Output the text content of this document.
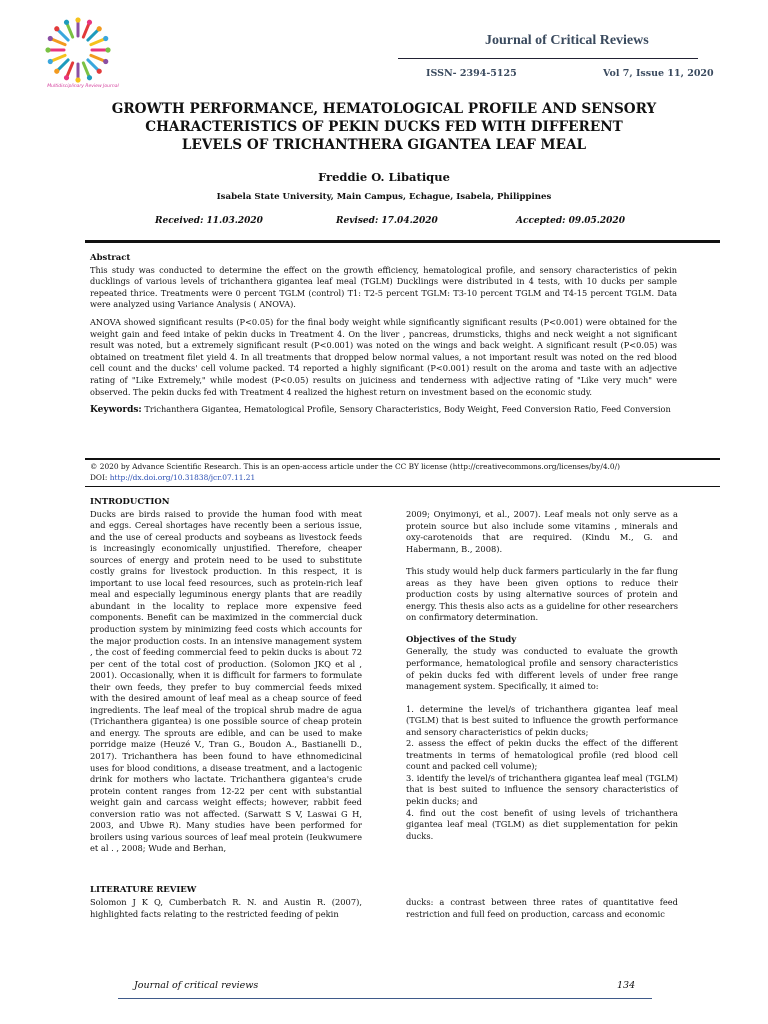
Multidisciplinary Review Journal
Journal of Critical Reviews
ISSN- 2394-5125	Vol 7, Issue 11, 2020
GROWTH PERFORMANCE, HEMATOLOGICAL PROFILE AND SENSORY
CHARACTERISTICS OF PEKIN DUCKS FED WITH DIFFERENT
LEVELS OF TRICHANTHERA GIGANTEA LEAF MEAL
Freddie O. Libatique
Isabela State University, Main Campus, Echague, Isabela, Philippines
Received: 11.03.2020	Revised: 17.04.2020	Accepted: 09.05.2020
Abstract

This study was conducted to determine the effect on the growth efficiency, hematological profile, and sensory characteristics of pekin ducklings of various levels of trichanthera gigantea leaf meal (TGLM) Ducklings were distributed in 4 tests, with 10 ducks per sample repeated thrice. Treatments were 0 percent TGLM (control) T1: T2-5 percent TGLM: T3-10 percent TGLM and T4-15 percent TGLM. Data were analyzed using Variance Analysis ( ANOVA).

ANOVA showed significant results (P<0.05) for the final body weight while significantly significant results (P<0.001) were obtained for the weight gain and feed intake of pekin ducks in Treatment 4. On the liver , pancreas, drumsticks, thighs and neck weight a not significant result was noted, but a extremely significant result (P<0.001) was noted on the wings and back weight. A significant result (P<0.05) was obtained on treatment filet yield 4. In all treatments that dropped below normal values, a not important result was noted on the red blood cell count and the ducks' cell volume packed. T4 reported a highly significant (P<0.001) result on the aroma and taste with an adjective rating of "Like Extremely," while modest (P<0.05) results on juiciness and tenderness with adjective rating of "Like very much" were observed. The pekin ducks fed with Treatment 4 realized the highest return on investment based on the economic study.

Keywords: Trichanthera Gigantea, Hematological Profile, Sensory Characteristics, Body Weight, Feed Conversion Ratio, Feed Conversion
© 2020 by Advance Scientific Research. This is an open-access article under the CC BY license (http://creativecommons.org/licenses/by/4.0/)
DOI: http://dx.doi.org/10.31838/jcr.07.11.21
INTRODUCTION

Ducks are birds raised to provide the human food with meat and eggs. Cereal shortages have recently been a serious issue, and the use of cereal products and soybeans as livestock feeds is increasingly economically unjustified. Therefore, cheaper sources of energy and protein need to be used to substitute costly grains for livestock production. In this respect, it is important to use local feed resources, such as protein-rich leaf meal and especially leguminous energy plants that are readily abundant in the locality to replace more expensive feed components. Benefit can be maximized in the commercial duck production system by minimizing feed costs which accounts for the major production costs. In an intensive management system , the cost of feeding commercial feed to pekin ducks is about 72 per cent of the total cost of production. (Solomon JKQ et al , 2001). Occasionally, when it is difficult for farmers to formulate their own feeds, they prefer to buy commercial feeds mixed with the desired amount of leaf meal as a cheap source of feed ingredients. The leaf meal of the tropical shrub madre de agua (Trichanthera gigantea) is one possible source of cheap protein and energy. The sprouts are edible, and can be used to make porridge maize (Heuzé V., Tran G., Boudon A., Bastianelli D., 2017). Trichanthera has been found to have ethnomedicinal uses for blood conditions, a disease treatment, and a lactogenic drink for mothers who lactate. Trichanthera gigantea's crude protein content ranges from 12-22 per cent with substantial weight gain and carcass weight effects; however, rabbit feed conversion ratio was not affected. (Sarwatt S V, Laswai G H, 2003, and Ubwe R). Many studies have been performed for broilers using various sources of leaf meal protein (Ieukwumere et al . , 2008; Wude and Berhan,

2009; Onyimonyi, et al., 2007). Leaf meals not only serve as a protein source but also include some vitamins , minerals and oxy-carotenoids that are required. (Kindu M., G. and Habermann, B., 2008).

This study would help duck farmers particularly in the far flung areas as they have been given options to reduce their production costs by using alternative sources of protein and energy. This thesis also acts as a guideline for other researchers on confirmatory determination.

Objectives of the Study

Generally, the study was conducted to evaluate the growth performance, hematological profile and sensory characteristics of pekin ducks fed with different levels of under free range management system. Specifically, it aimed to:

1. determine the level/s of trichanthera gigantea leaf meal (TGLM) that is best suited to influence the growth performance and sensory characteristics of pekin ducks;
2. assess the effect of pekin ducks the effect of the different treatments in terms of hematological profile (red blood cell count and packed cell volume);
3. identify the level/s of trichanthera gigantea leaf meal (TGLM) that is best suited to influence the sensory characteristics of pekin ducks; and
4. find out the cost benefit of using levels of trichanthera gigantea leaf meal (TGLM) as diet supplementation for pekin ducks.
LITERATURE REVIEW
Solomon J K Q, Cumberbatch R. N. and Austin R. (2007), highlighted facts relating to the restricted feeding of pekin
ducks: a contrast between three rates of quantitative feed restriction and full feed on production, carcass and economic
Journal of critical reviews	134
